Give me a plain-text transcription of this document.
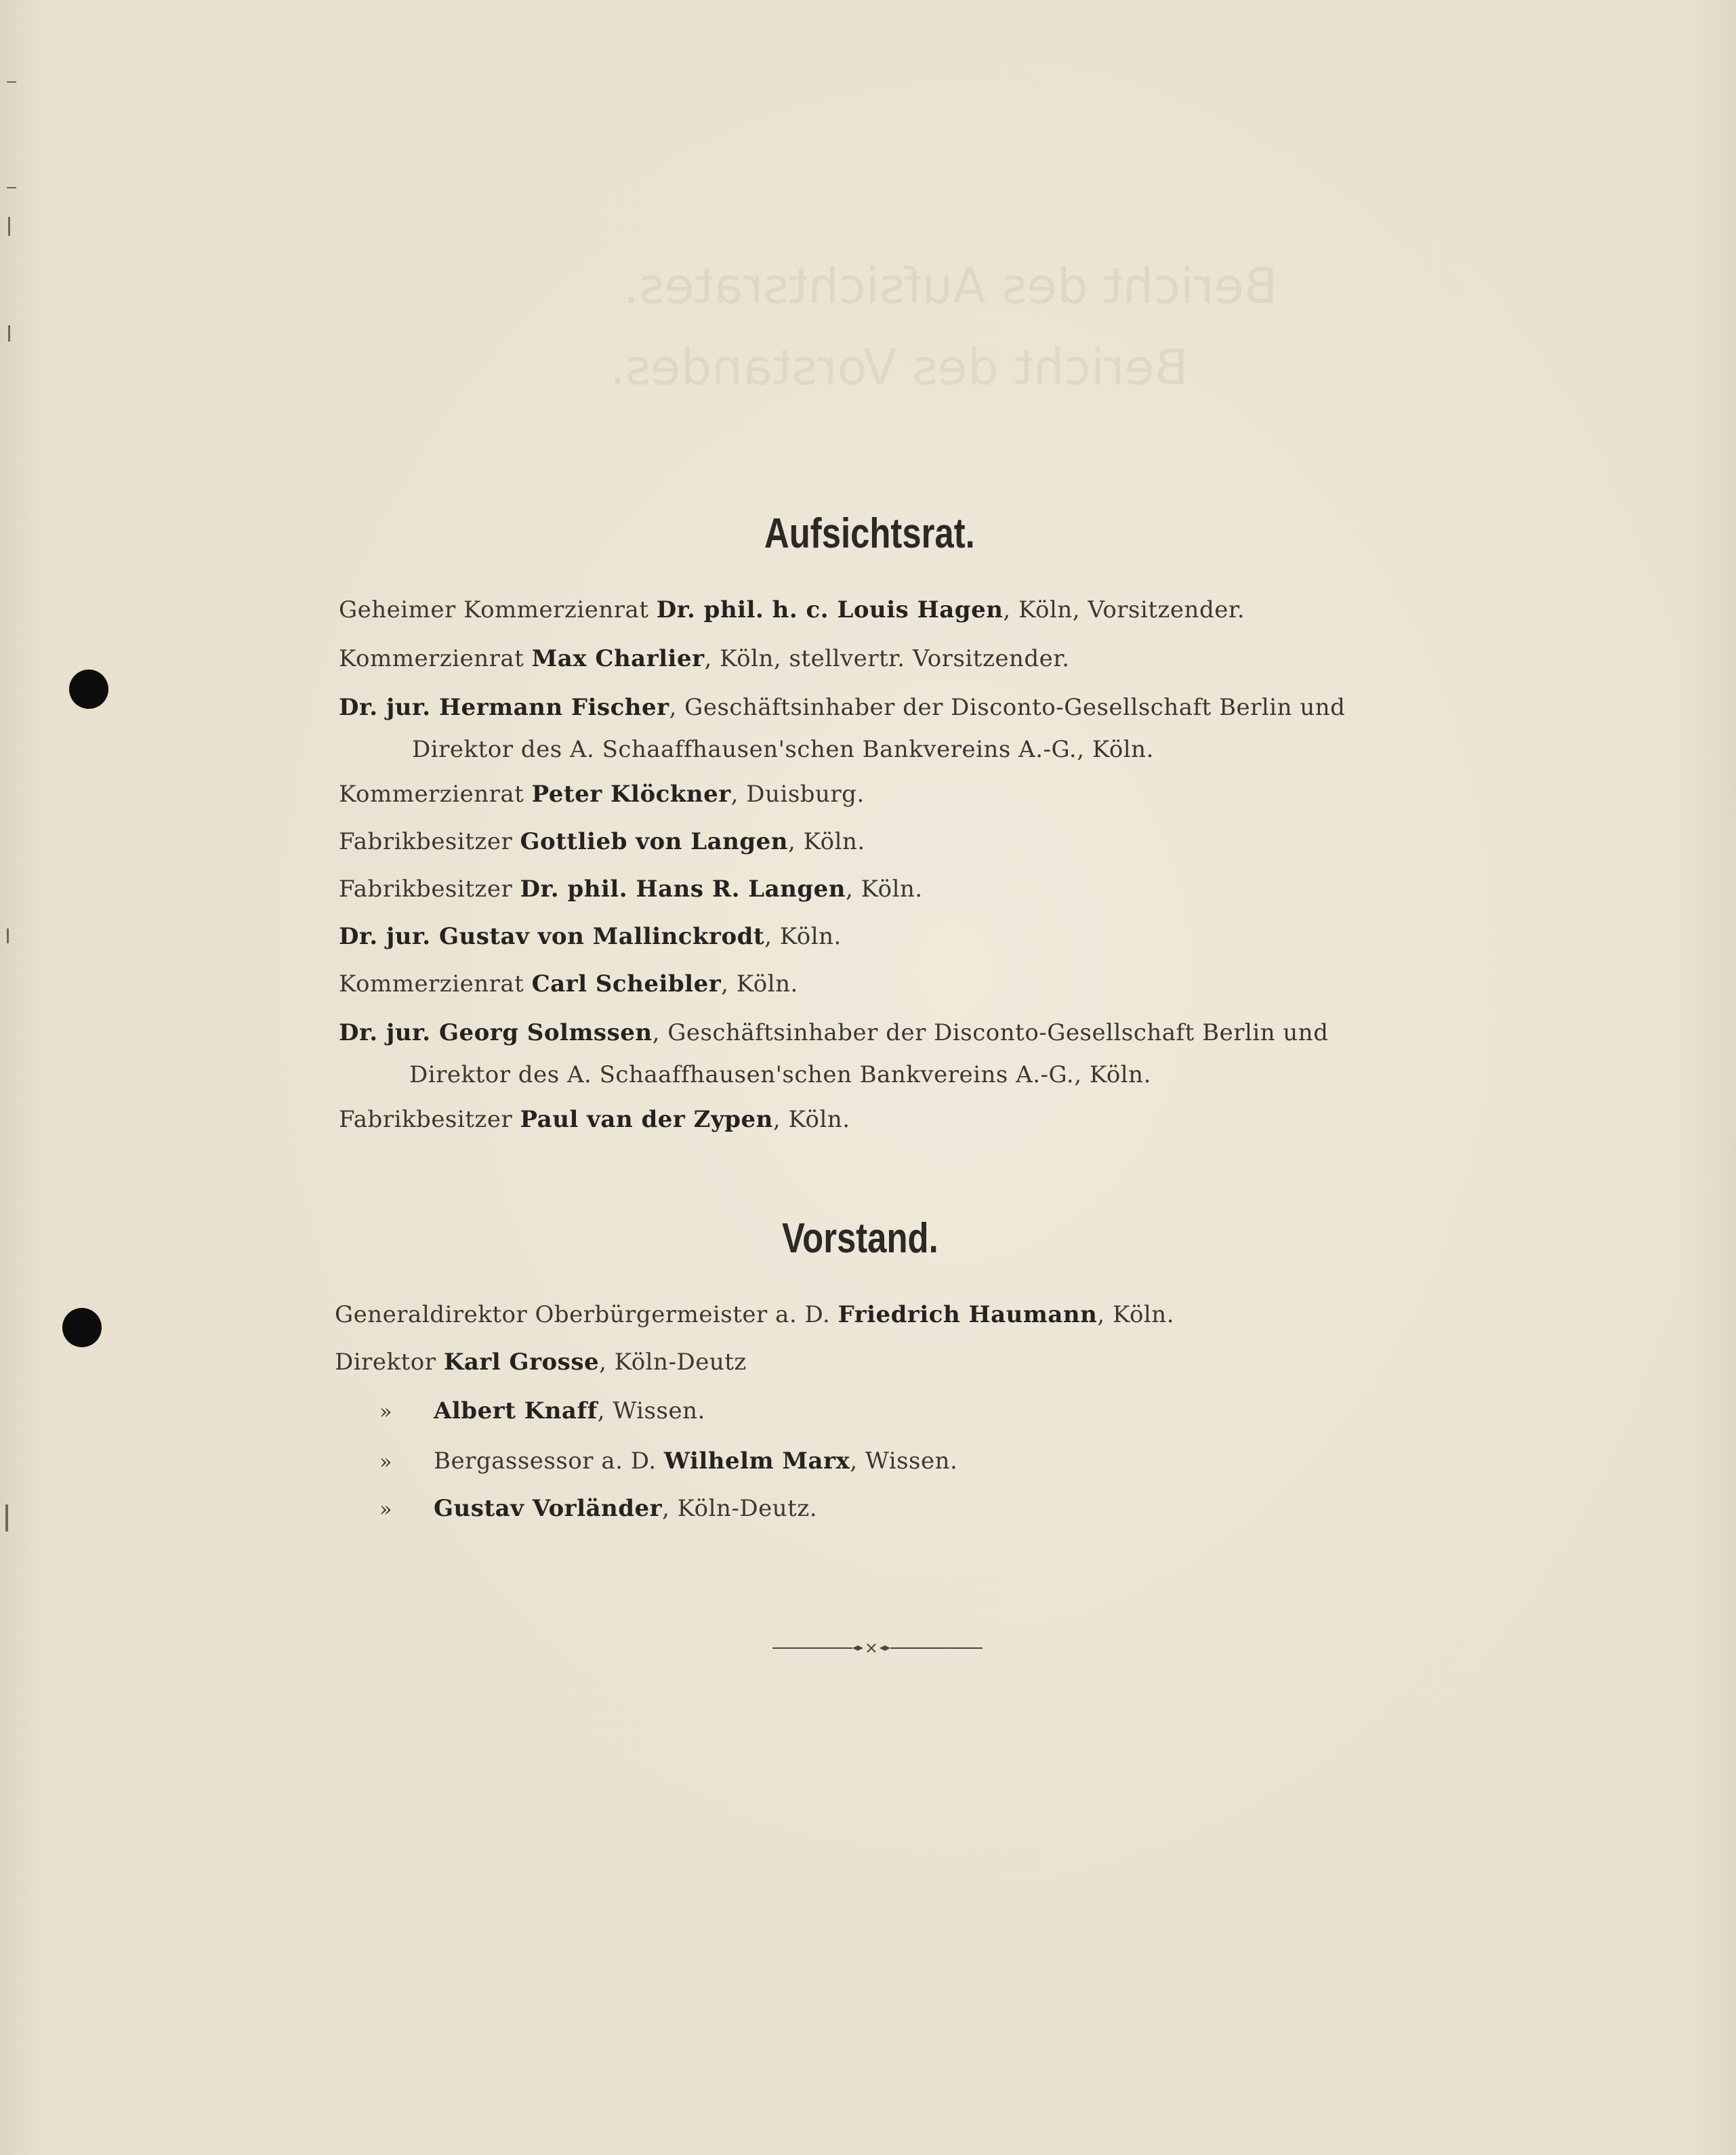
Bericht des Aufsichtsrates.
Bericht des Vorstandes.
Aufsichtsrat.
Geheimer Kommerzienrat Dr. phil. h. c. Louis Hagen, Köln, Vorsitzender.
Kommerzienrat Max Charlier, Köln, stellvertr. Vorsitzender.
Dr. jur. Hermann Fischer, Geschäftsinhaber der Disconto-Gesellschaft Berlin und
Direktor des A. Schaaffhausen'schen Bankvereins A.-G., Köln.
Kommerzienrat Peter Klöckner, Duisburg.
Fabrikbesitzer Gottlieb von Langen, Köln.
Fabrikbesitzer Dr. phil. Hans R. Langen, Köln.
Dr. jur. Gustav von Mallinckrodt, Köln.
Kommerzienrat Carl Scheibler, Köln.
Dr. jur. Georg Solmssen, Geschäftsinhaber der Disconto-Gesellschaft Berlin und
Direktor des A. Schaaffhausen'schen Bankvereins A.-G., Köln.
Fabrikbesitzer Paul van der Zypen, Köln.
Vorstand.
Generaldirektor Oberbürgermeister a. D. Friedrich Haumann, Köln.
Direktor Karl Grosse, Köln-Deutz
» Albert Knaff, Wissen.
» Bergassessor a. D. Wilhelm Marx, Wissen.
» Gustav Vorländer, Köln-Deutz.
